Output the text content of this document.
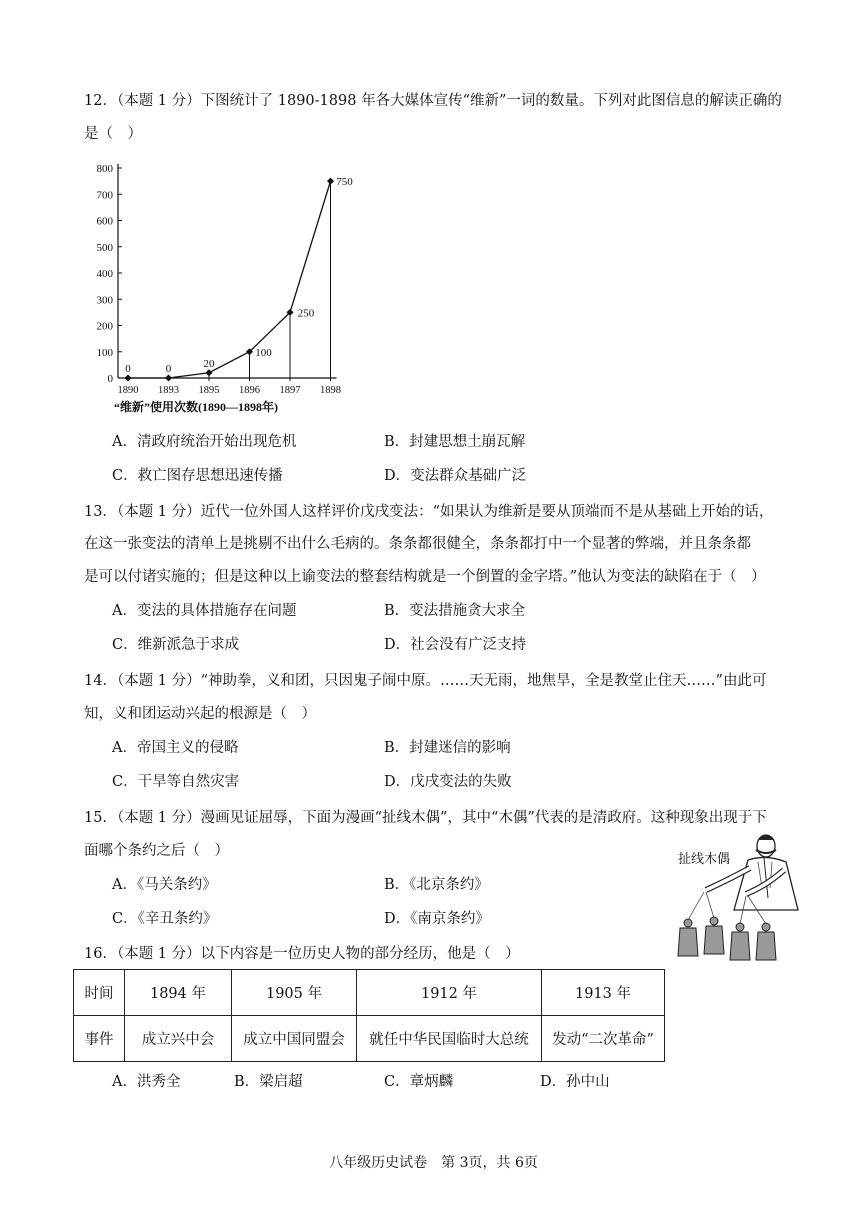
12．（本题 1 分）下图统计了 1890-1898 年各大媒体宣传“维新”一词的数量。下列对此图信息的解读正确的
是（　）
0
100
200
300
400
500
600
700
800
1890 1893 1895 1896 1897 1898
0	0	20
100
250
750
“维新”使用次数(1890—1898年)
A．清政府统治开始出现危机	B．封建思想土崩瓦解
C．救亡图存思想迅速传播	D．变法群众基础广泛
13．（本题 1 分）近代一位外国人这样评价戊戌变法：“如果认为维新是要从顶端而不是从基础上开始的话，
在这一张变法的清单上是挑剔不出什么毛病的。条条都很健全，条条都打中一个显著的弊端，并且条条都
是可以付诸实施的；但是这种以上谕变法的整套结构就是一个倒置的金字塔。”他认为变法的缺陷在于（　）
A．变法的具体措施存在问题	B．变法措施贪大求全
C．维新派急于求成	D．社会没有广泛支持
14．（本题 1 分）“神助拳，义和团，只因鬼子闹中原。……天无雨，地焦旱，全是教堂止住天……”由此可
知，义和团运动兴起的根源是（　）
A．帝国主义的侵略	B．封建迷信的影响
C．干旱等自然灾害	D．戊戌变法的失败
15．（本题 1 分）漫画见证屈辱，下面为漫画“扯线木偶”，其中“木偶”代表的是清政府。这种现象出现于下
面哪个条约之后（　）
A．《马关条约》	B．《北京条约》
C．《辛丑条约》	D．《南京条约》
扯线木偶
16．（本题 1 分）以下内容是一位历史人物的部分经历，他是（　）
时间	1894 年	1905 年	1912 年	1913 年
事件	成立兴中会	成立中国同盟会	就任中华民国临时大总统	发动“二次革命”
A．洪秀全	B．梁启超	C．章炳麟	D．孙中山
八年级历史试卷　第 3页，共 6页
